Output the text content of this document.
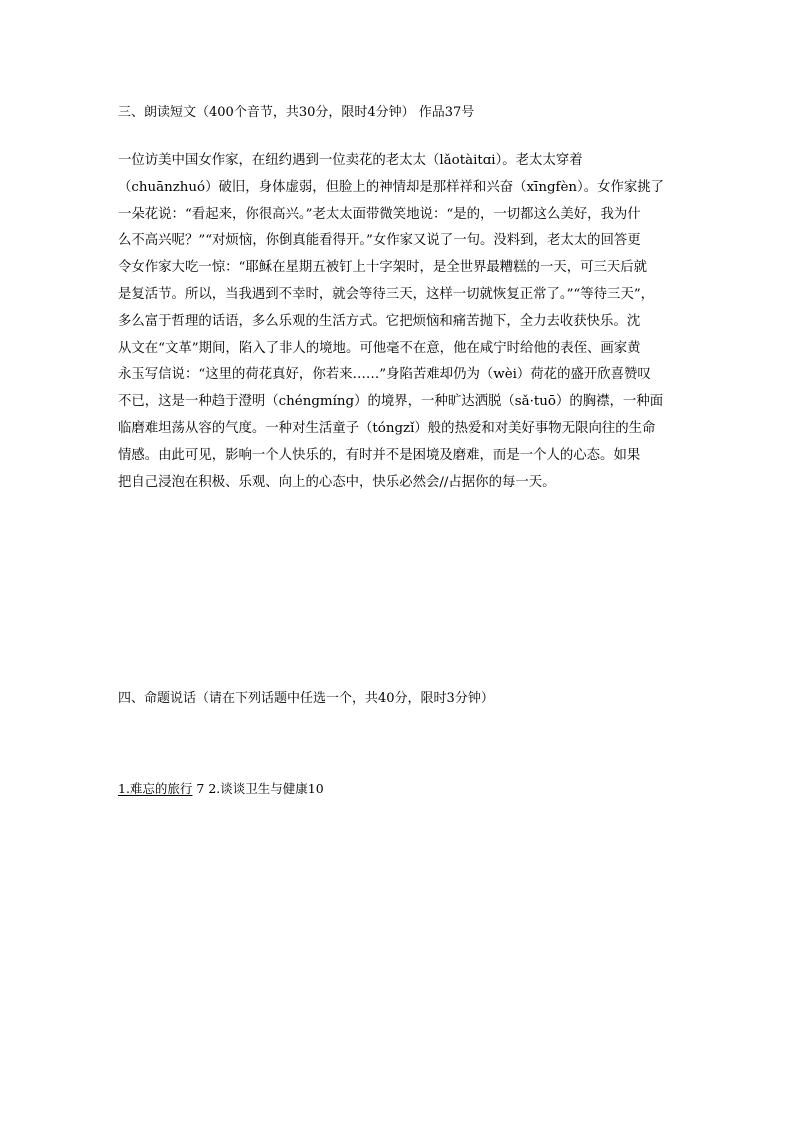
三、朗读短文（400个音节，共30分，限时4分钟） 作品37号
一位访美中国女作家，在纽约遇到一位卖花的老太太（lǎotàitɑi）。老太太穿着
（chuānzhuó）破旧，身体虚弱，但脸上的神情却是那样祥和兴奋（xīngfèn）。女作家挑了
一朵花说：“看起来，你很高兴。”老太太面带微笑地说：“是的，一切都这么美好，我为什
么不高兴呢？”“对烦恼，你倒真能看得开。”女作家又说了一句。没料到，老太太的回答更
令女作家大吃一惊：“耶稣在星期五被钉上十字架时，是全世界最糟糕的一天，可三天后就
是复活节。所以，当我遇到不幸时，就会等待三天，这样一切就恢复正常了。”“等待三天”，
多么富于哲理的话语，多么乐观的生活方式。它把烦恼和痛苦抛下，全力去收获快乐。沈
从文在“文革”期间，陷入了非人的境地。可他毫不在意，他在咸宁时给他的表侄、画家黄
永玉写信说：“这里的荷花真好，你若来……”身陷苦难却仍为（wèi）荷花的盛开欣喜赞叹
不已，这是一种趋于澄明（chéngmíng）的境界，一种旷达洒脱（sǎ·tuō）的胸襟，一种面
临磨难坦荡从容的气度。一种对生活童子（tóngzǐ）般的热爱和对美好事物无限向往的生命
情感。由此可见，影响一个人快乐的，有时并不是困境及磨难，而是一个人的心态。如果
把自己浸泡在积极、乐观、向上的心态中，快乐必然会//占据你的每一天。
四、命题说话（请在下列话题中任选一个，共40分，限时3分钟）
1.难忘的旅行 7 2.谈谈卫生与健康10
